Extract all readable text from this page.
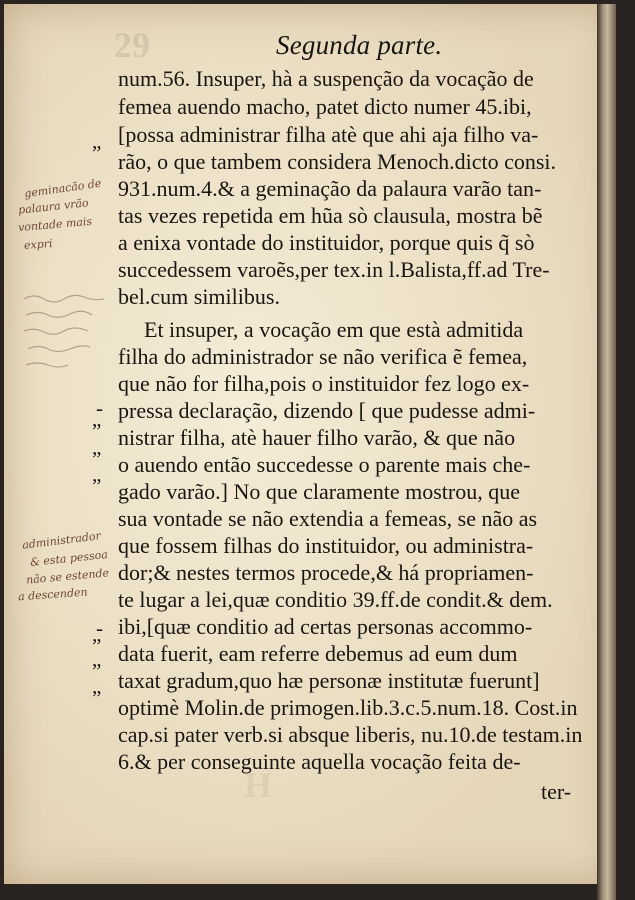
29
H
Segunda parte.
num.56. Insuper, hà a suspenção da vocação de
femea auendo macho, patet dicto numer 45.ibi,
[possa administrar filha atè que ahi aja filho va-
rão, o que tambem considera Menoch.dicto consi.
931.num.4.& a geminação da palaura varão tan-
tas vezes repetida em hũa sò clausula, mostra bẽ
a enixa vontade do instituidor, porque quis q̃ sò
succedessem varoẽs,per tex.in l.Balista,ff.ad Tre-
bel.cum similibus.
Et insuper, a vocação em que està admitida
filha do administrador se não verifica ẽ femea,
que não for filha,pois o instituidor fez logo ex-
pressa declaração, dizendo [ que pudesse admi-
nistrar filha, atè hauer filho varão, & que não
o auendo então succedesse o parente mais che-
gado varão.] No que claramente mostrou, que
sua vontade se não extendia a femeas, se não as
que fossem filhas do instituidor, ou administra-
dor;& nestes termos procede,& há propriamen-
te lugar a lei,quæ conditio 39.ff.de condit.& dem.
ibi,[quæ conditio ad certas personas accommo-
data fuerit, eam referre debemus ad eum dum
taxat gradum,quo hæ personæ institutæ fuerunt]
optimè Molin.de primogen.lib.3.c.5.num.18. Cost.in
cap.si pater verb.si absque liberis, nu.10.de testam.in
6.& per conseguinte aquella vocação feita de-
”
-
”
”
”
-
”
”
”
geminacão de
palaura vrão
vontade mais
expri
administrador
& esta pessoa
não se estende
a descenden
ter-
